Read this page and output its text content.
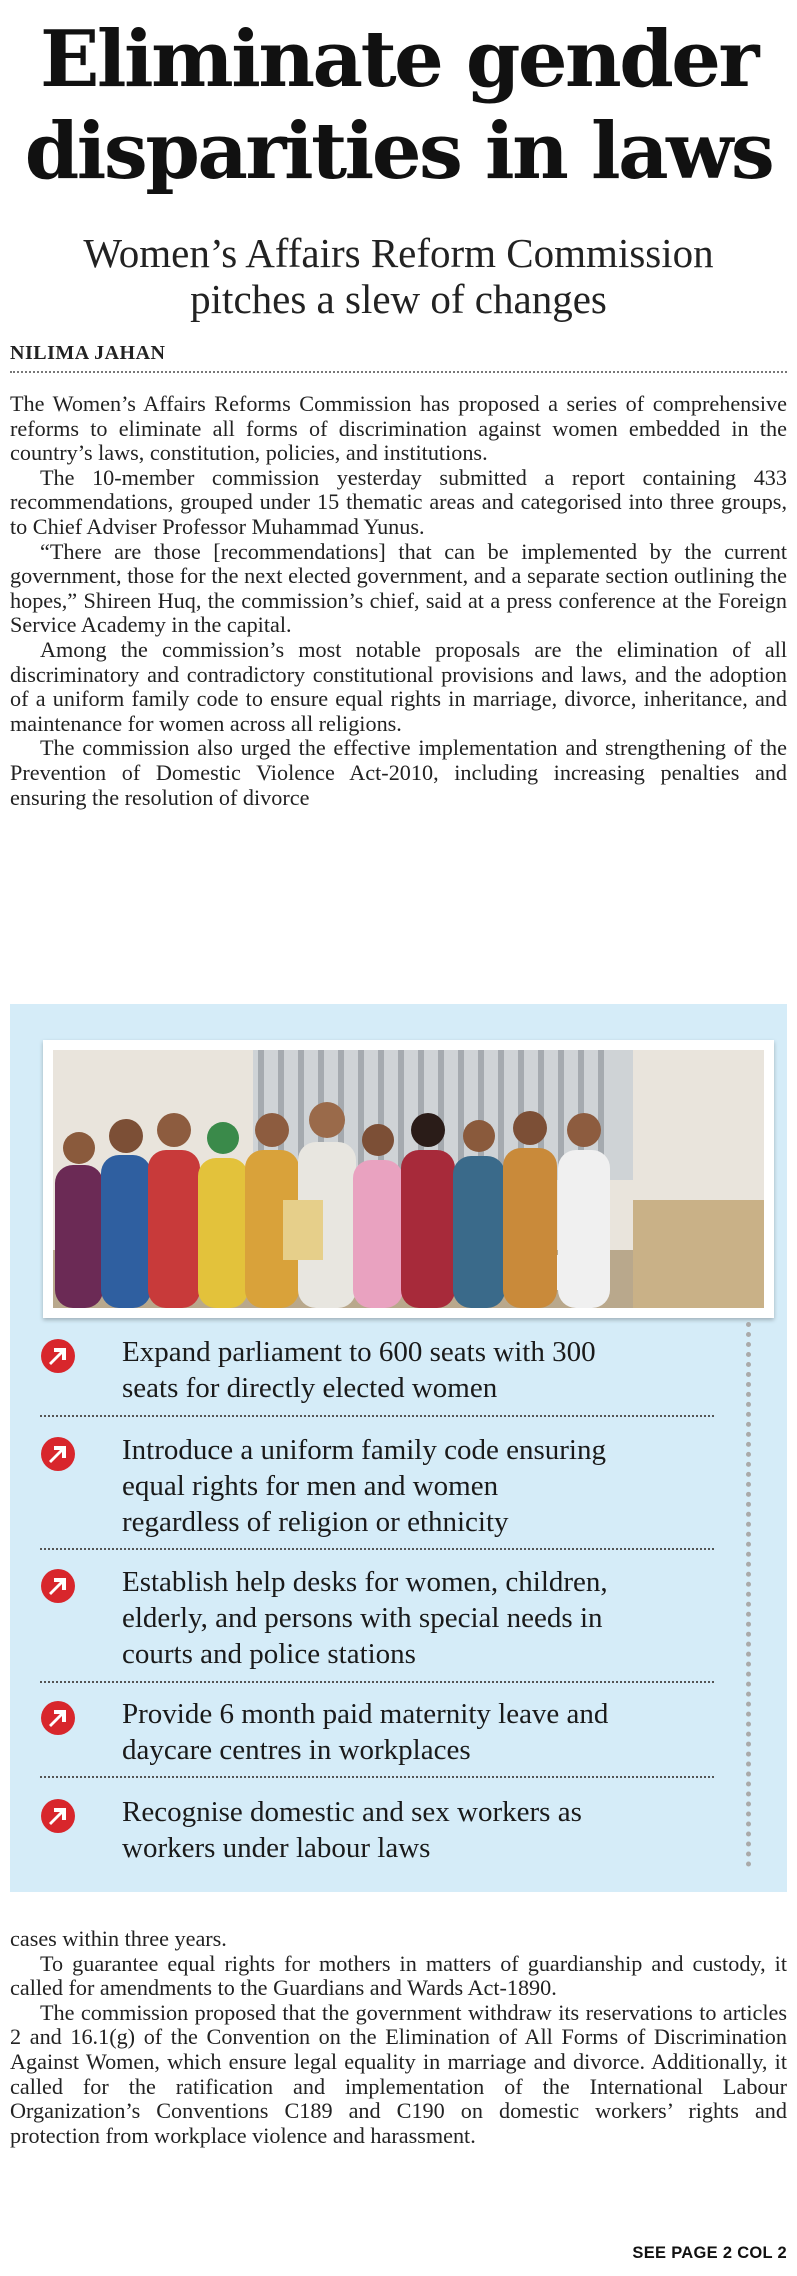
Eliminate gender
disparities in laws
Women’s Affairs Reform Commission
pitches a slew of changes
NILIMA JAHAN

The Women’s Affairs Reforms Commission has proposed a series of comprehensive reforms to eliminate all forms of discrimination against women embedded in the country’s laws, constitution, policies, and institutions.

The 10-member commission yesterday submitted a report containing 433 recommendations, grouped under 15 thematic areas and categorised into three groups, to Chief Adviser Professor Muhammad Yunus.

“There are those [recommendations] that can be implemented by the current government, those for the next elected government, and a separate section outlining the hopes,” Shireen Huq, the commission’s chief, said at a press conference at the Foreign Service Academy in the capital.

Among the commission’s most notable proposals are the elimination of all discriminatory and contradictory constitutional provisions and laws, and the adoption of a uniform family code to ensure equal rights in marriage, divorce, inheritance, and maintenance for women across all religions.

The commission also urged the effective implementation and strengthening of the Prevention of Domestic Violence Act-2010, including increasing penalties and ensuring the resolution of divorce

Expand parliament to 600 seats with 300
seats for directly elected women
Introduce a uniform family code ensuring
equal rights for men and women
regardless of religion or ethnicity
Establish help desks for women, children,
elderly, and persons with special needs in
courts and police stations
Provide 6 month paid maternity leave and
daycare centres in workplaces
Recognise domestic and sex workers as
workers under labour laws

cases within three years.

To guarantee equal rights for mothers in matters of guardianship and custody, it called for amendments to the Guardians and Wards Act-1890.

The commission proposed that the government withdraw its reservations to articles 2 and 16.1(g) of the Convention on the Elimination of All Forms of Discrimination Against Women, which ensure legal equality in marriage and divorce. Additionally, it called for the ratification and implementation of the International Labour Organization’s Conventions C189 and C190 on domestic workers’ rights and protection from workplace violence and harassment.

SEE PAGE 2 COL 2
